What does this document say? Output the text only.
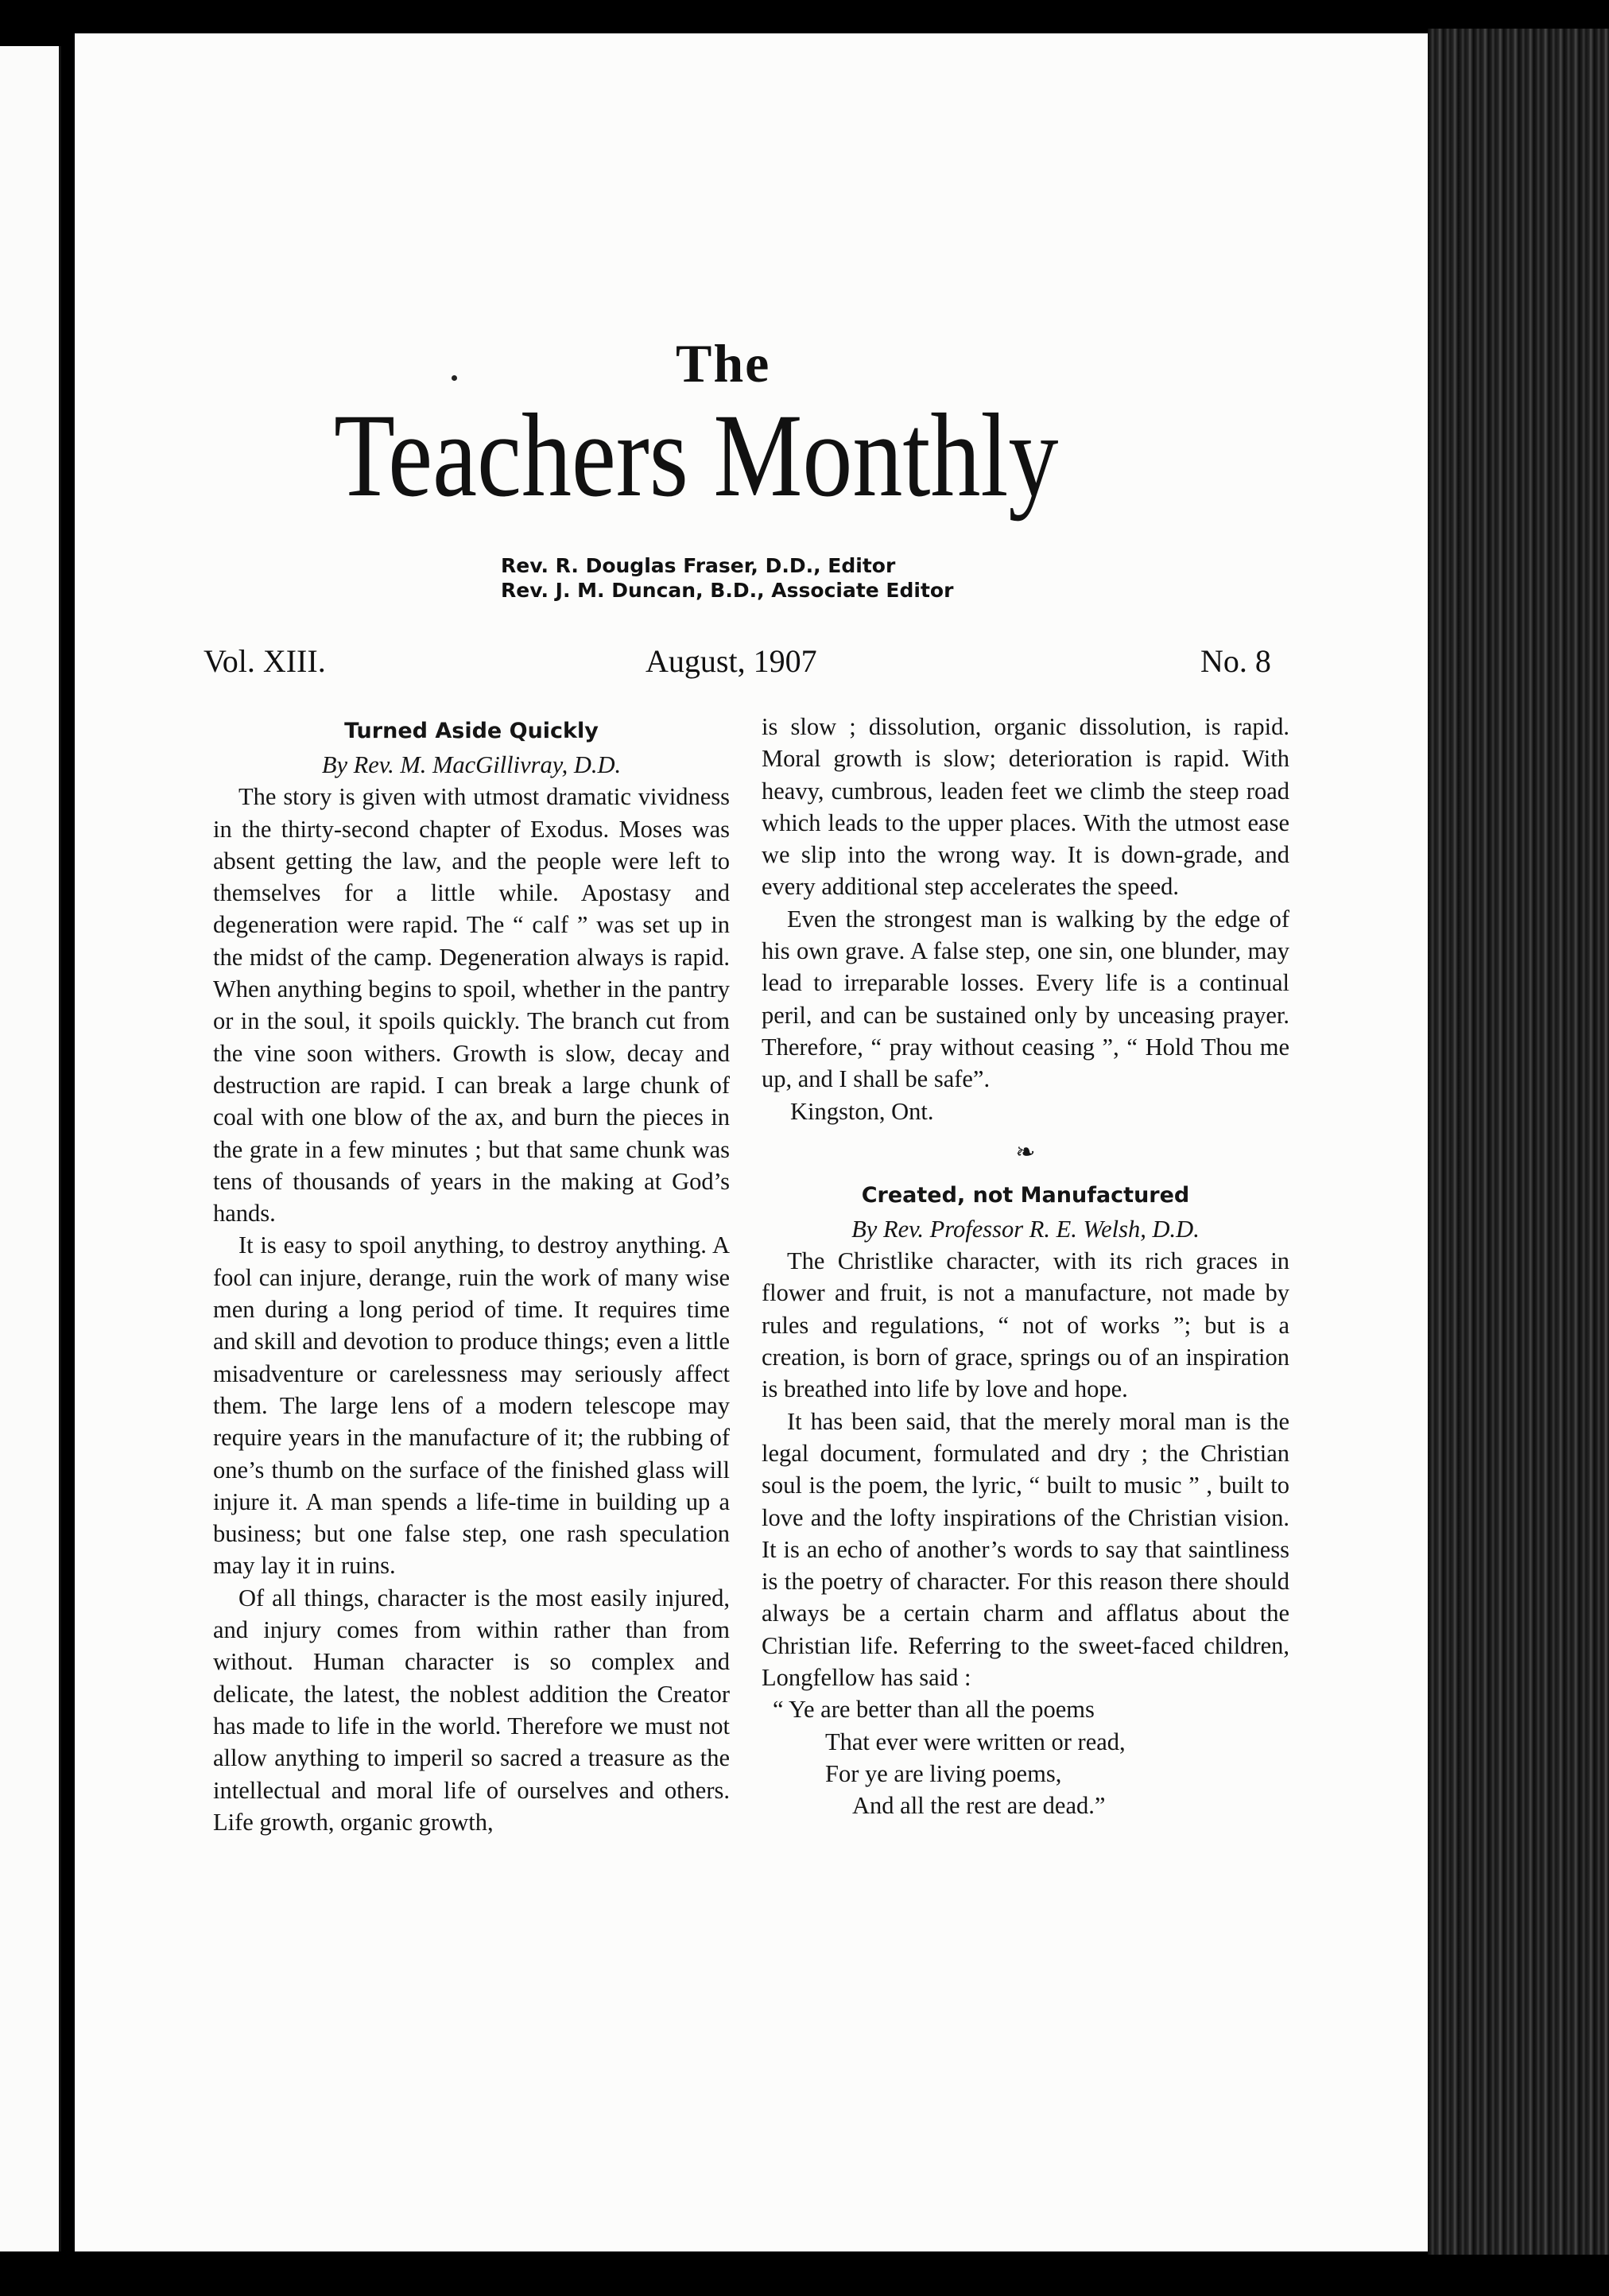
The
Teachers Monthly
Rev. R. Douglas Fraser, D.D., Editor
Rev. J. M. Duncan, B.D., Associate Editor
Vol. XIII.	August, 1907	No. 8

Turned Aside Quickly

By Rev. M. MacGillivray, D.D.

The story is given with utmost dramatic vividness in the thirty-second chapter of Exodus. Moses was absent getting the law, and the people were left to themselves for a little while. Apostasy and degeneration were rapid. The “ calf ” was set up in the midst of the camp. Degeneration always is rapid. When anything begins to spoil, whether in the pantry or in the soul, it spoils quickly. The branch cut from the vine soon withers. Growth is slow, decay and destruction are rapid. I can break a large chunk of coal with one blow of the ax, and burn the pieces in the grate in a few minutes ; but that same chunk was tens of thousands of years in the making at God’s hands.

It is easy to spoil anything, to destroy anything. A fool can injure, derange, ruin the work of many wise men during a long period of time. It requires time and skill and devotion to produce things; even a little misadventure or carelessness may seriously affect them. The large lens of a modern telescope may require years in the manufacture of it; the rubbing of one’s thumb on the surface of the finished glass will injure it. A man spends a life-time in building up a business; but one false step, one rash speculation may lay it in ruins.

Of all things, character is the most easily injured, and injury comes from within rather than from without. Human character is so complex and delicate, the latest, the noblest addition the Creator has made to life in the world. Therefore we must not allow anything to imperil so sacred a treasure as the intellectual and moral life of ourselves and others. Life growth, organic growth,

is slow ; dissolution, organic dissolution, is rapid. Moral growth is slow; deterioration is rapid. With heavy, cumbrous, leaden feet we climb the steep road which leads to the upper places. With the utmost ease we slip into the wrong way. It is down-grade, and every additional step accelerates the speed.

Even the strongest man is walking by the edge of his own grave. A false step, one sin, one blunder, may lead to irreparable losses. Every life is a continual peril, and can be sustained only by unceasing prayer. Therefore, “ pray without ceasing ”, “ Hold Thou me up, and I shall be safe”.

Kingston, Ont.

❧

Created, not Manufactured

By Rev. Professor R. E. Welsh, D.D.

The Christlike character, with its rich graces in flower and fruit, is not a manufacture, not made by rules and regulations, “ not of works ”; but is a creation, is born of grace, springs ou of an inspiration is breathed into life by love and hope.

It has been said, that the merely moral man is the legal document, formulated and dry ; the Christian soul is the poem, the lyric, “ built to music ” , built to love and the lofty inspirations of the Christian vision. It is an echo of another’s words to say that saintliness is the poetry of character. For this reason there should always be a certain charm and afflatus about the Christian life. Referring to the sweet-faced children, Longfellow has said :

“ Ye are better than all the poems

That ever were written or read,

For ye are living poems,

And all the rest are dead.”
